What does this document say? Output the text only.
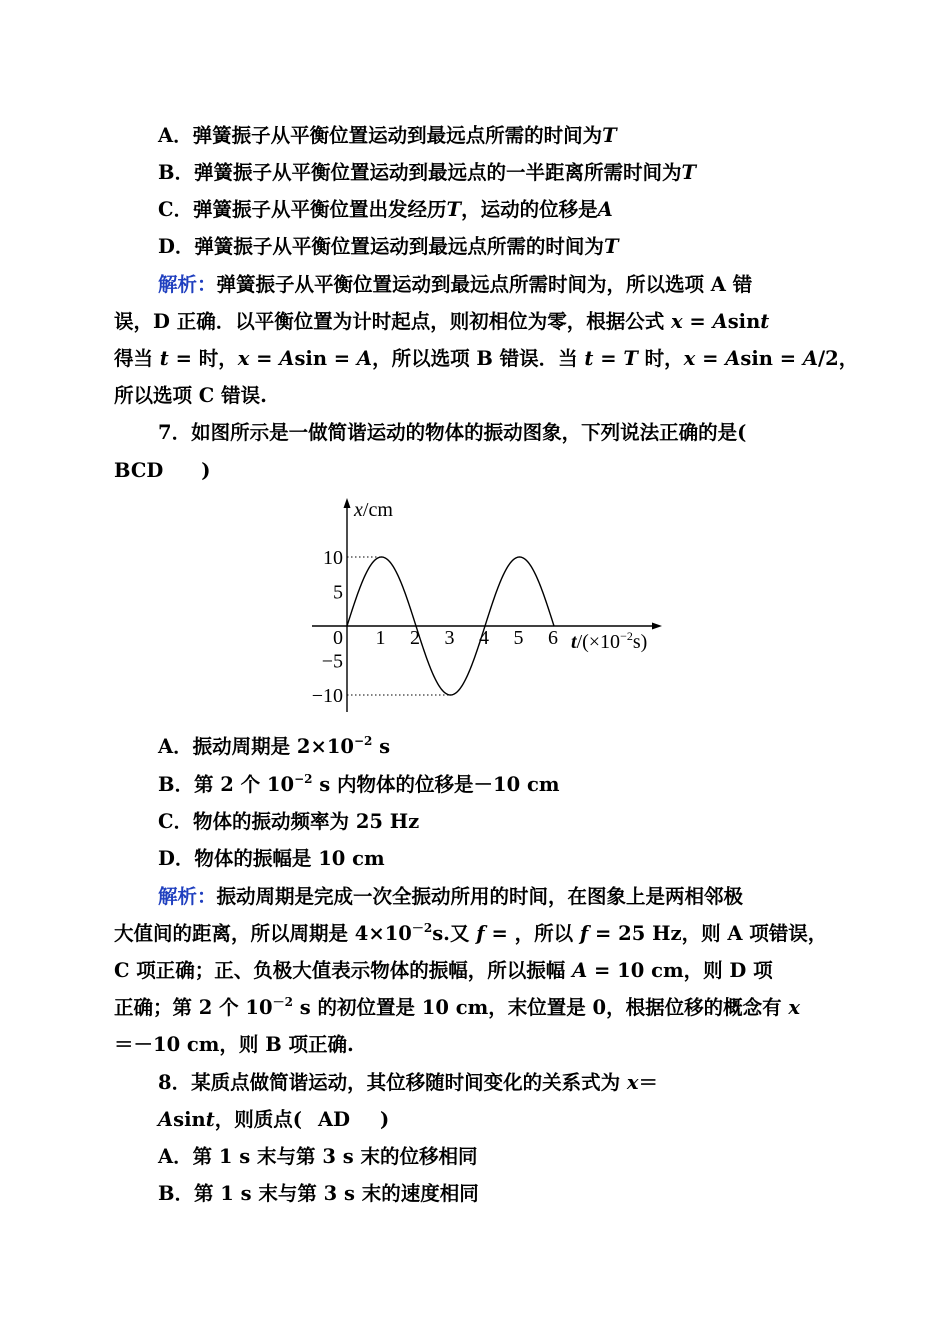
A．弹簧振子从平衡位置运动到最远点所需的时间为T
B．弹簧振子从平衡位置运动到最远点的一半距离所需时间为T
C．弹簧振子从平衡位置出发经历T，运动的位移是A
D．弹簧振子从平衡位置运动到最远点所需的时间为T
解析：弹簧振子从平衡位置运动到最远点所需时间为，所以选项 A 错
误，D 正确．以平衡位置为计时起点，则初相位为零，根据公式 x = Asint
得当 t = 时，x = Asin = A，所以选项 B 错误．当 t = T 时，x = Asin = A/2，
所以选项 C 错误.
7．如图所示是一做简谐运动的物体的振动图象，下列说法正确的是(
BCD )
0 1 2 3 4 5 6
10
5
−5
−10
x/cm
$t/(\times 10^{-2}s)$
A．振动周期是 $2\times 10^{-2}$ s
B．第 2 个 $10^{-2}$ s 内物体的位移是－10 cm
C．物体的振动频率为 25 Hz
D．物体的振幅是 10 cm
解析：振动周期是完成一次全振动所用的时间，在图象上是两相邻极
大值间的距离，所以周期是 $4\times 10^{-2}s$.又 f = ，所以 f = 25 Hz，则 A 项错误，
C 项正确；正、负极大值表示物体的振幅，所以振幅 A = 10 cm，则 D 项
正确；第 2 个 $10^{-2}$ s 的初位置是 10 cm，末位置是 0，根据位移的概念有 x
＝－10 cm，则 B 项正确.
8．某质点做简谐运动，其位移随时间变化的关系式为 x＝
Asint，则质点( AD )
A．第 1 s 末与第 3 s 末的位移相同
B．第 1 s 末与第 3 s 末的速度相同
